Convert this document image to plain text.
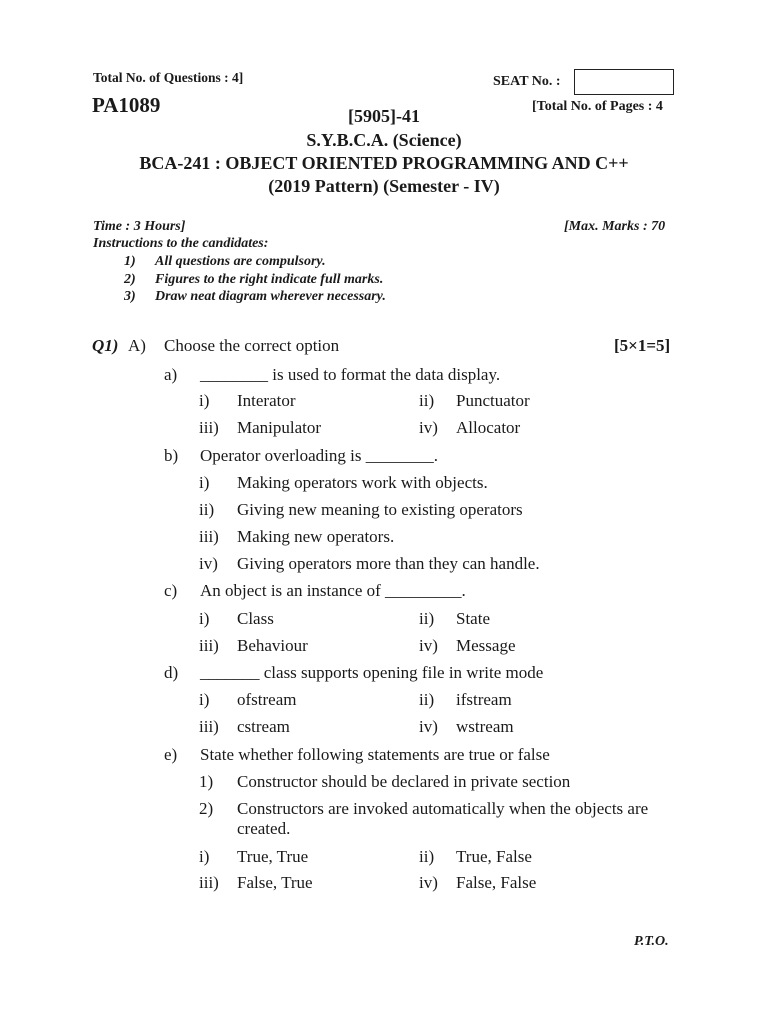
Total No. of Questions : 4]	SEAT No. :
PA1089	[Total No. of Pages : 4
[5905]-41
S.Y.B.C.A. (Science)
BCA-241 : OBJECT ORIENTED PROGRAMMING AND C++
(2019 Pattern) (Semester - IV)
Time : 3 Hours]	[Max. Marks : 70
Instructions to the candidates:
1) All questions are compulsory.
2) Figures to the right indicate full marks.
3) Draw neat diagram wherever necessary.
Q1) A) Choose the correct option	[5×1=5]
a) ________ is used to format the data display.
i) Interator	ii) Punctuator
iii) Manipulator	iv) Allocator
b) Operator overloading is ________.
i) Making operators work with objects.
ii) Giving new meaning to existing operators
iii) Making new operators.
iv) Giving operators more than they can handle.
c) An object is an instance of _________.
i) Class	ii) State
iii) Behaviour	iv) Message
d) _______ class supports opening file in write mode
i) ofstream	ii) ifstream
iii) cstream	iv) wstream
e) State whether following statements are true or false
1) Constructor should be declared in private section
2) Constructors are invoked automatically when the objects are
created.
i) True, True	ii) True, False
iii) False, True	iv) False, False
P.T.O.
